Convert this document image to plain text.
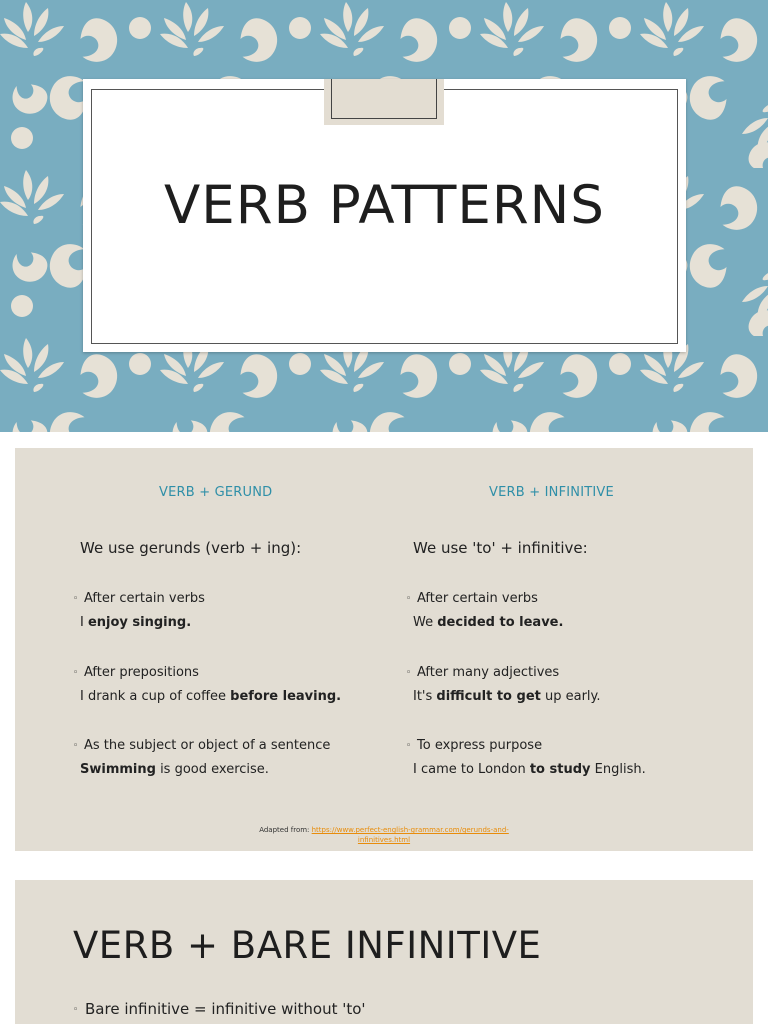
VERB PATTERNS
VERB + GERUND
We use gerunds (verb + ing):
◦ After certain verbs
I enjoy singing.
◦ After prepositions
I drank a cup of coffee before leaving.
◦ As the subject or object of a sentence
Swimming is good exercise.
VERB + INFINITIVE
We use 'to' + infinitive:
◦ After certain verbs
We decided to leave.
◦ After many adjectives
It's difficult to get up early.
◦ To express purpose
I came to London to study English.
Adapted from: https://www.perfect-english-grammar.com/gerunds-and-
infinitives.html
VERB + BARE INFINITIVE
◦ Bare infinitive = infinitive without 'to'
